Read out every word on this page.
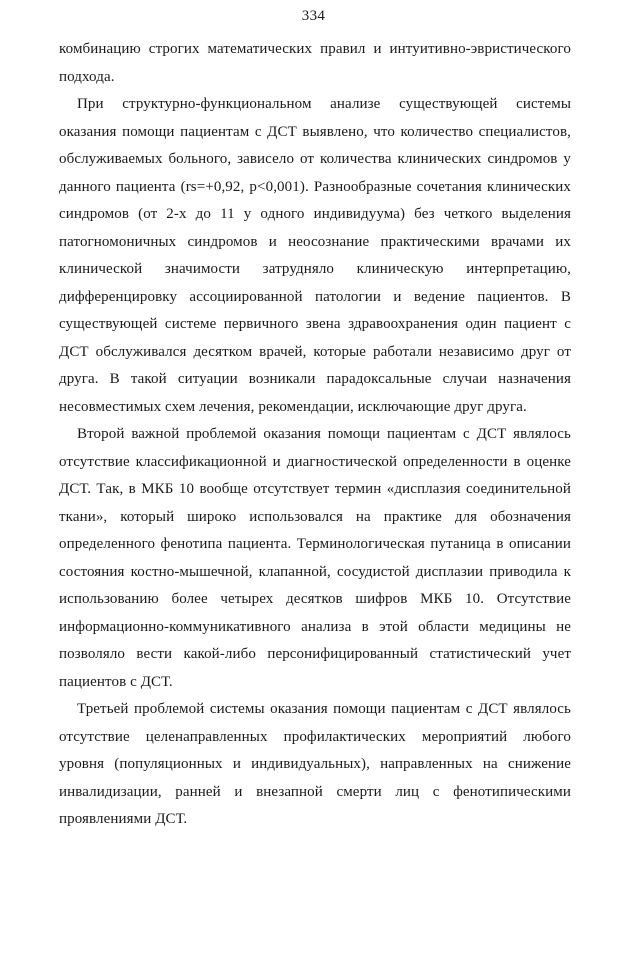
334

комбинацию строгих математических правил и интуитивно-эвристического подхода.

При структурно-функциональном анализе существующей системы оказания помощи пациентам с ДСТ выявлено, что количество специалистов, обслуживаемых больного, зависело от количества клинических синдромов у данного пациента (rs=+0,92, p<0,001). Разнообразные сочетания клинических синдромов (от 2-х до 11 у одного индивидуума) без четкого выделения патогномоничных синдромов и неосознание практическими врачами их клинической значимости затрудняло клиническую интерпретацию, дифференцировку ассоциированной патологии и ведение пациентов. В существующей системе первичного звена здравоохранения один пациент с ДСТ обслуживался десятком врачей, которые работали независимо друг от друга. В такой ситуации возникали парадоксальные случаи назначения несовместимых схем лечения, рекомендации, исключающие друг друга.

Второй важной проблемой оказания помощи пациентам с ДСТ являлось отсутствие классификационной и диагностической определенности в оценке ДСТ. Так, в МКБ 10 вообще отсутствует термин «дисплазия соединительной ткани», который широко использовался на практике для обозначения определенного фенотипа пациента. Терминологическая путаница в описании состояния костно-мышечной, клапанной, сосудистой дисплазии приводила к использованию более четырех десятков шифров МКБ 10. Отсутствие информационно-коммуникативного анализа в этой области медицины не позволяло вести какой-либо персонифицированный статистический учет пациентов с ДСТ.

Третьей проблемой системы оказания помощи пациентам с ДСТ являлось отсутствие целенаправленных профилактических мероприятий любого уровня (популяционных и индивидуальных), направленных на снижение инвалидизации, ранней и внезапной смерти лиц с фенотипическими проявлениями ДСТ.
